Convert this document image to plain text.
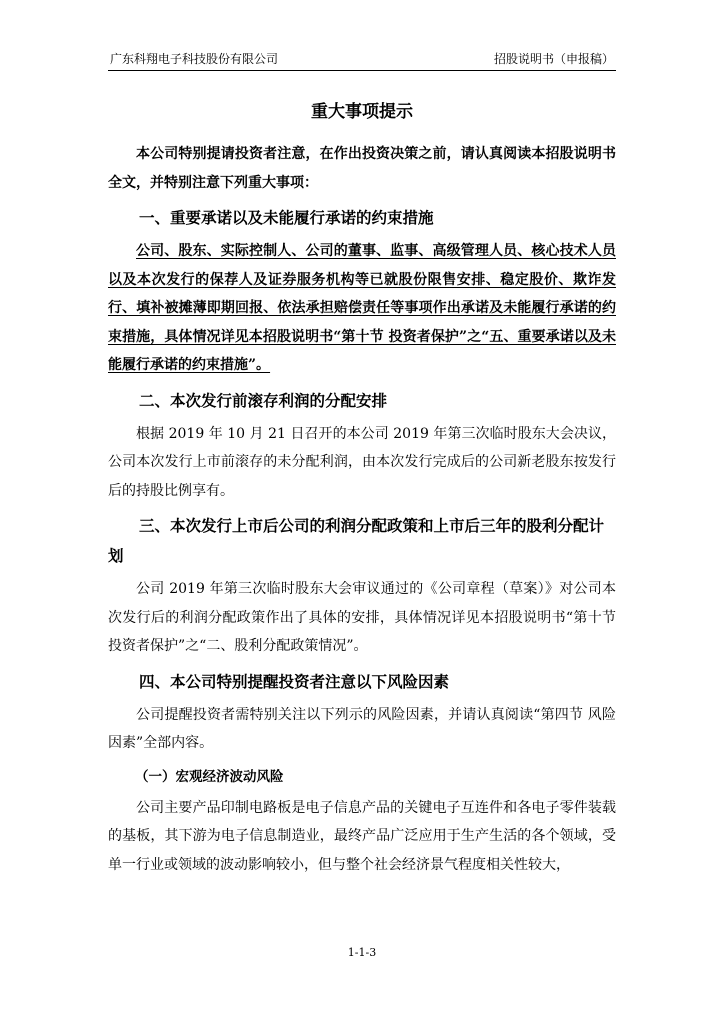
广东科翔电子科技股份有限公司	招股说明书（申报稿）
重大事项提示

本公司特别提请投资者注意，在作出投资决策之前，请认真阅读本招股说明书全文，并特别注意下列重大事项：

一、重要承诺以及未能履行承诺的约束措施

公司、股东、实际控制人、公司的董事、监事、高级管理人员、核心技术人员以及本次发行的保荐人及证券服务机构等已就股份限售安排、稳定股价、欺诈发行、填补被摊薄即期回报、依法承担赔偿责任等事项作出承诺及未能履行承诺的约束措施，具体情况详见本招股说明书“第十节 投资者保护”之“五、重要承诺以及未能履行承诺的约束措施”。

二、本次发行前滚存利润的分配安排

根据 2019 年 10 月 21 日召开的本公司 2019 年第三次临时股东大会决议，公司本次发行上市前滚存的未分配利润，由本次发行完成后的公司新老股东按发行后的持股比例享有。

三、本次发行上市后公司的利润分配政策和上市后三年的股利分配计划

公司 2019 年第三次临时股东大会审议通过的《公司章程（草案）》对公司本次发行后的利润分配政策作出了具体的安排，具体情况详见本招股说明书“第十节 投资者保护”之“二、股利分配政策情况”。

四、本公司特别提醒投资者注意以下风险因素

公司提醒投资者需特别关注以下列示的风险因素，并请认真阅读“第四节 风险因素”全部内容。

（一）宏观经济波动风险

公司主要产品印制电路板是电子信息产品的关键电子互连件和各电子零件装载的基板，其下游为电子信息制造业，最终产品广泛应用于生产生活的各个领域，受单一行业或领域的波动影响较小，但与整个社会经济景气程度相关性较大，

1-1-3
